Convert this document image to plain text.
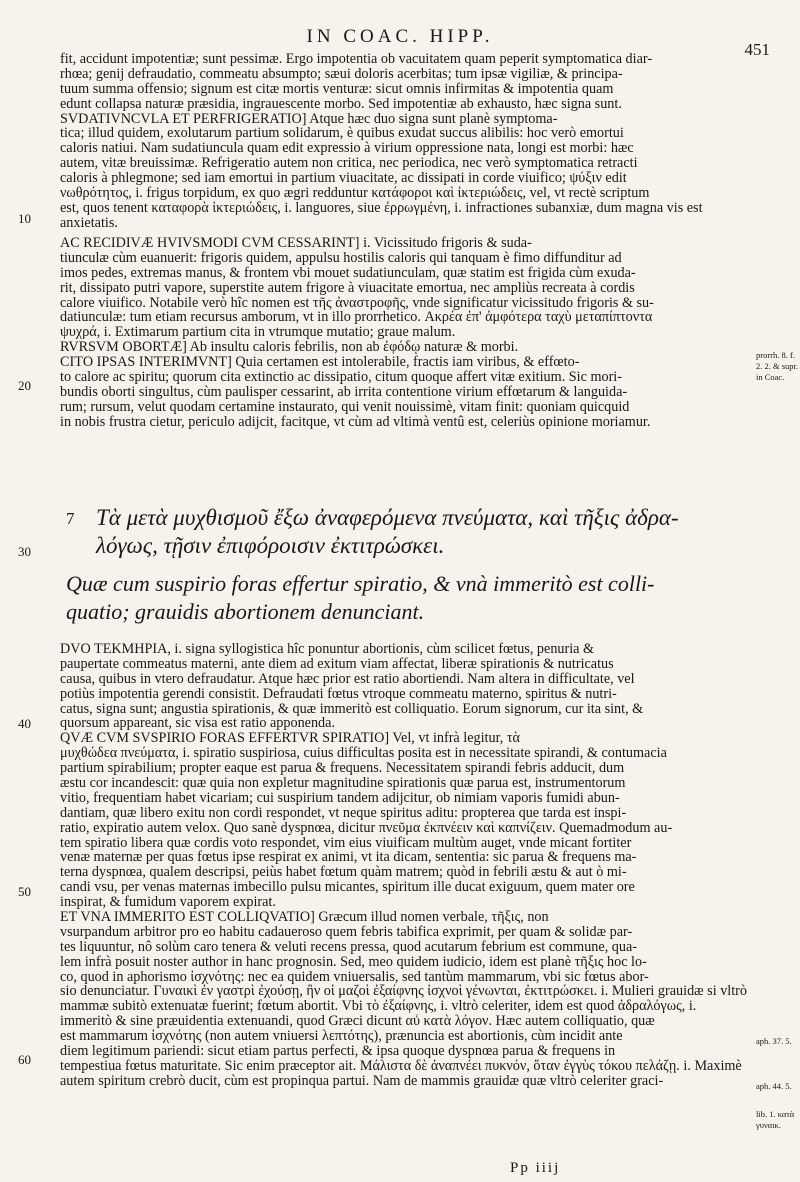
IN COAC. HIPP.
451
fit, accidunt impotentiæ; sunt pessimæ. Ergo impotentia ob vacuitatem quam peperit symptomatica diar-
rhœa; genij defraudatio, commeatu absumpto; sæui doloris acerbitas; tum ipsæ vigiliæ, & principa-
tuum summa offensio; signum est citæ mortis venturæ: sicut omnis infirmitas & impotentia quam
edunt collapsa naturæ præsidia, ingrauescente morbo. Sed impotentiæ ab exhausto, hæc signa sunt.
SVDATIVNCVLA ET PERFRIGERATIO] Atque hæc duo signa sunt planè symptoma-
tica; illud quidem, exolutarum partium solidarum, è quibus exudat succus alibilis: hoc verò emortui
caloris natiui. Nam sudatiuncula quam edit expressio à virium oppressione nata, longi est morbi: hæc
autem, vitæ breuissimæ. Refrigeratio autem non critica, nec periodica, nec verò symptomatica retracti
caloris à phlegmone; sed iam emortui in partium viuacitate, ac dissipati in corde viuifico; ψύξιν edit
νωθρότητος, i. frigus torpidum, ex quo ægri redduntur κατάφοροι καὶ ἰκτεριώδεις, vel, vt rectè scriptum
est, quos tenent καταφορὰ ἰκτεριώδεις, i. languores, siue ἐρρωγμένη, i. infractiones subanxiæ, dum magna vis est
anxietatis.
AC RECIDIVÆ HVIVSMODI CVM CESSARINT] i. Vicissitudo frigoris & suda-
tiunculæ cùm euanuerit: frigoris quidem, appulsu hostilis caloris qui tanquam è fimo diffunditur ad
imos pedes, extremas manus, & frontem vbi mouet sudatiunculam, quæ statim est frigida cùm exuda-
rit, dissipato putri vapore, superstite autem frigore à viuacitate emortua, nec ampliùs recreata à cordis
calore viuifico. Notabile verò hîc nomen est τῆς ἀναστροφῆς, vnde significatur vicissitudo frigoris & su-
datiunculæ: tum etiam recursus amborum, vt in illo prorrhetico. Ακρέα ἐπ' ἀμφότερα ταχὺ μεταπίπτοντα
ψυχρά, i. Extimarum partium cita in vtrumque mutatio; graue malum.
RVRSVM OBORTÆ] Ab insultu caloris febrilis, non ab ἐφόδῳ naturæ & morbi.
CITÒ IPSAS INTERIMVNT] Quia certamen est intolerabile, fractis iam viribus, & effœto-
to calore ac spiritu; quorum cita extinctio ac dissipatio, citum quoque affert vitæ exitium. Sic mori-
bundis oborti singultus, cùm paulisper cessarint, ab irrita contentione virium effœtarum & languida-
rum; rursum, velut quodam certamine instaurato, qui venit nouissimè, vitam finit: quoniam quicquid
in nobis frustra cietur, periculo adijcit, facitque, vt cùm ad vltimà ventû est, celeriùs opinione moriamur.
7 Τὰ μετὰ μυχθισμοῦ ἔξω ἀναφερόμενα πνεύματα, καὶ τῆξις ἀδρα-
λόγως, τῇσιν ἐπιφόροισιν ἐκτιτρώσκει.
Quæ cum suspirio foras effertur spiratio, & vnà immeritò est colli-
quatio; grauidis abortionem denunciant.
DVO TEKMHPIA, i. signa syllogistica hîc ponuntur abortionis, cùm scilicet fœtus, penuria &
paupertate commeatus materni, ante diem ad exitum viam affectat, liberæ spirationis & nutricatus
causa, quibus in vtero defraudatur. Atque hæc prior est ratio abortiendi. Nam altera in difficultate, vel
potiùs impotentia gerendi consistit. Defraudati fœtus vtroque commeatu materno, spiritus & nutri-
catus, signa sunt; angustia spirationis, & quæ immeritò est colliquatio. Eorum signorum, cur ita sint, &
quorsum appareant, sic visa est ratio apponenda.
QVÆ CVM SVSPIRIO FORAS EFFERTVR SPIRATIO] Vel, vt infrà legitur, τὰ
μυχθώδεα πνεύματα, i. spiratio suspiriosa, cuius difficultas posita est in necessitate spirandi, & contumacia
partium spirabilium; propter eaque est parua & frequens. Necessitatem spirandi febris adducit, dum
æstu cor incandescit: quæ quia non expletur magnitudine spirationis quæ parua est, instrumentorum
vitio, frequentiam habet vicariam; cui suspirium tandem adijcitur, ob nimiam vaporis fumidi abun-
dantiam, quæ libero exitu non cordi respondet, vt neque spiritus aditu: propterea que tarda est inspi-
ratio, expiratio autem velox. Quo sanè dyspnœa, dicitur πνεῦμα ἐκπνέειν καὶ καπνίζειν. Quemadmodum au-
tem spiratio libera quæ cordis voto respondet, vim eius viuificam multùm auget, vnde micant fortiter
venæ maternæ per quas fœtus ipse respirat ex animi, vt ita dicam, sententia: sic parua & frequens ma-
terna dyspnœa, qualem descripsi, peiùs habet fœtum quàm matrem; quòd in febrili æstu & aut ò mi-
candi vsu, per venas maternas imbecillo pulsu micantes, spiritum ille ducat exiguum, quem mater ore
inspirat, & fumidum vaporem expirat.
ET VNA IMMERITO EST COLLIQVATIO] Græcum illud nomen verbale, τῆξις, non
vsurpandum arbitror pro eo habitu cadaueroso quem febris tabifica exprimit, per quam & solidæ par-
tes liquuntur, nô solùm caro tenera & veluti recens pressa, quod acutarum febrium est commune, qua-
lem infrà posuit noster author in hanc prognosin. Sed, meo quidem iudicio, idem est planè τῆξις hoc lo-
co, quod in aphorismo ἰσχνότης: nec ea quidem vniuersalis, sed tantùm mammarum, vbi sic fœtus abor-
sio denunciatur. Γυναικὶ ἐν γαστρὶ ἐχούσῃ, ἢν οἱ μαζοὶ ἐξαίφνης ἰσχνοὶ γένωνται, ἐκτιτρώσκει. i. Mulieri grauidæ si vltrò
mammæ subitò extenuatæ fuerint; fœtum abortit. Vbi τὸ ἐξαίφνης, i. vltrò celeriter, idem est quod ἀδραλόγως, i.
immeritò & sine præuidentia extenuandi, quod Græci dicunt αὖ κατὰ λόγον. Hæc autem colliquatio, quæ
est mammarum ἰσχνότης (non autem vniuersi λεπτότης), prænuncia est abortionis, cùm incidit ante
diem legitimum pariendi: sicut etiam partus perfecti, & ipsa quoque dyspnœa parua & frequens in
tempestiua fœtus maturitate. Sic enim præceptor ait. Μάλιστα δὲ ἀναπνέει πυκνόν, ὅταν ἐγγὺς τόκου πελάζῃ. i. Maximè
autem spiritum crebrò ducit, cùm est propinqua partui. Nam de mammis grauidæ quæ vltrò celeriter graci-
10
20
30
40
50
60
prorrh. 8. f.
2. 2. & supr.
in Coac.
aph. 37. 5.
aph. 44. 5.
lib. 1. κατὰ
γυναικ.
Pp iiij
